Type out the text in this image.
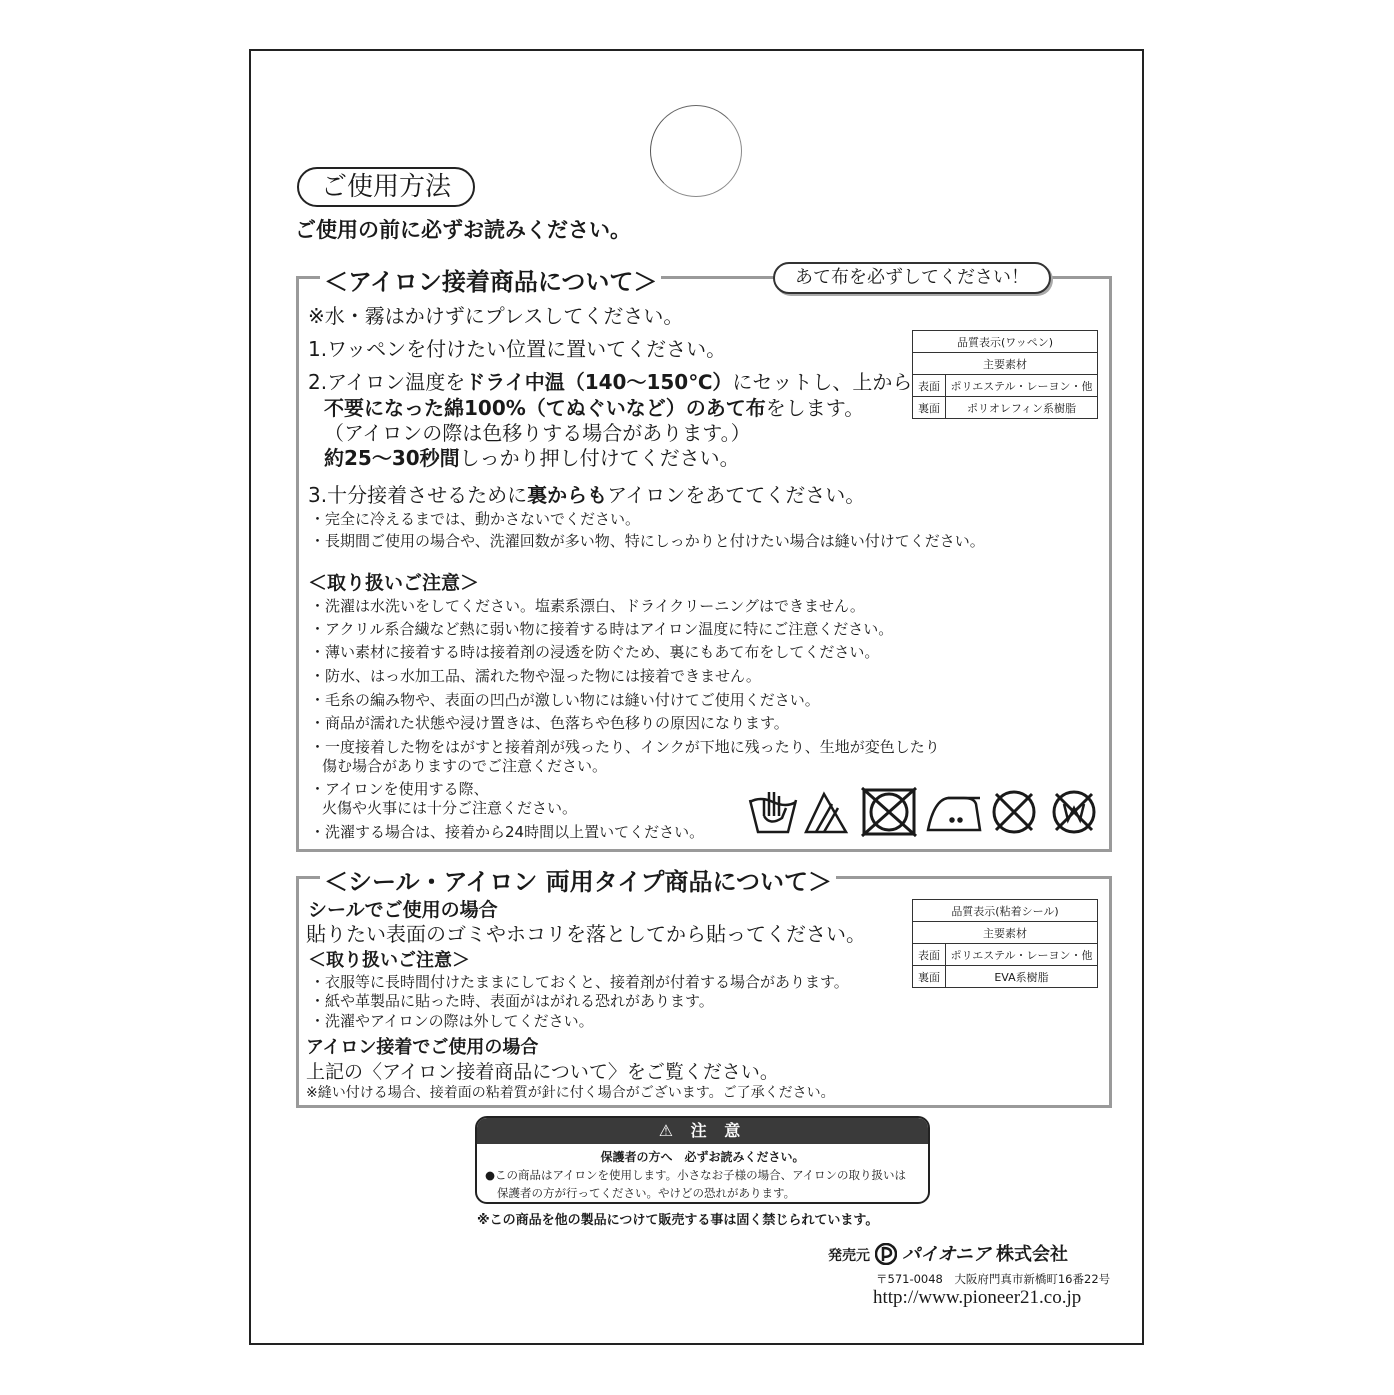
ご使用方法
ご使用の前に必ずお読みください。
＜アイロン接着商品について＞	あて布を必ずしてください！
※水・霧はかけずにプレスしてください。
1.ワッペンを付けたい位置に置いてください。
2.アイロン温度をドライ中温（140〜150℃）にセットし、上から
不要になった綿100%（てぬぐいなど）のあて布をします。
（アイロンの際は色移りする場合があります。）
約25〜30秒間しっかり押し付けてください。
3.十分接着させるために裏からもアイロンをあててください。
・完全に冷えるまでは、動かさないでください。
・長期間ご使用の場合や、洗濯回数が多い物、特にしっかりと付けたい場合は縫い付けてください。
品質表示(ワッペン)	
主要素材	
表面	ポリエステル・レーヨン・他
裏面	ポリオレフィン系樹脂
＜取り扱いご注意＞
・洗濯は水洗いをしてください。塩素系漂白、ドライクリーニングはできません。
・アクリル系合繊など熱に弱い物に接着する時はアイロン温度に特にご注意ください。
・薄い素材に接着する時は接着剤の浸透を防ぐため、裏にもあて布をしてください。
・防水、はっ水加工品、濡れた物や湿った物には接着できません。
・毛糸の編み物や、表面の凹凸が激しい物には縫い付けてご使用ください。
・商品が濡れた状態や浸け置きは、色落ちや色移りの原因になります。
・一度接着した物をはがすと接着剤が残ったり、インクが下地に残ったり、生地が変色したり
傷む場合がありますのでご注意ください。
・アイロンを使用する際、
火傷や火事には十分ご注意ください。
・洗濯する場合は、接着から24時間以上置いてください。
＜シール・アイロン 両用タイプ商品について＞
シールでご使用の場合
貼りたい表面のゴミやホコリを落としてから貼ってください。
＜取り扱いご注意＞
・衣服等に長時間付けたままにしておくと、接着剤が付着する場合があります。
・紙や革製品に貼った時、表面がはがれる恐れがあります。
・洗濯やアイロンの際は外してください。
アイロン接着でご使用の場合
上記の〈アイロン接着商品について〉をご覧ください。
※縫い付ける場合、接着面の粘着質が針に付く場合がございます。ご了承ください。
品質表示(粘着シール)	
主要素材	
表面	ポリエステル・レーヨン・他
裏面	EVA系樹脂
⚠ 注 意
保護者の方へ　必ずお読みください。
●この商品はアイロンを使用します。小さなお子様の場合、アイロンの取り扱いは
保護者の方が行ってください。やけどの恐れがあります。
※この商品を他の製品につけて販売する事は固く禁じられています。
発売元 パイオニア 株式会社
〒571-0048　大阪府門真市新橋町16番22号
http://www.pioneer21.co.jp
